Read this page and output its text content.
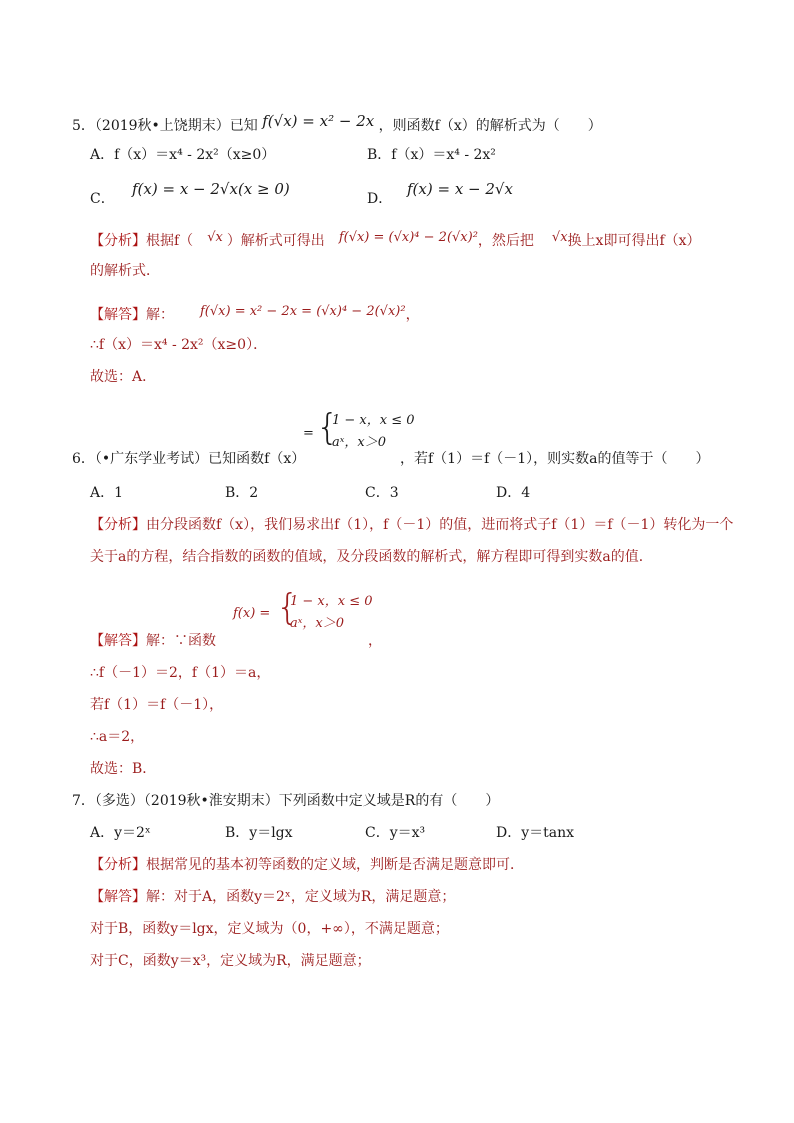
5．（2019秋•上饶期末）已知 f(√x) = x² − 2x ，则函数f（x）的解析式为（　　）
A．f（x）＝x⁴ - 2x²（x≥0）	B．f（x）＝x⁴ - 2x²
C．
f(x) = x − 2√x(x ≥ 0)
D．
f(x) = x − 2√x
【分析】根据f（ √x ）解析式可得出 f(√x) = (√x)⁴ − 2(√x)²，然后把 √x换上x即可得出f（x）
的解析式．
【解答】解： f(√x) = x² − 2x = (√x)⁴ − 2(√x)²，
∴f（x）＝x⁴ - 2x²（x≥0）．
故选：A．
= {
1 − x，x ≤ 0
aˣ，x＞0
6．（•广东学业考试）已知函数f（x）	，若f（1）＝f（－1），则实数a的值等于（　　）
A．1	B．2	C．3	D．4
【分析】由分段函数f（x），我们易求出f（1），f（－1）的值，进而将式子f（1）＝f（－1）转化为一个
关于a的方程，结合指数的函数的值域，及分段函数的解析式，解方程即可得到实数a的值．
f(x) = {
1 − x，x ≤ 0
aˣ，x＞0
【解答】解：∵函数	，
∴f（－1）＝2，f（1）＝a，
若f（1）＝f（－1），
∴a＝2，
故选：B．
7．（多选）（2019秋•淮安期末）下列函数中定义域是R的有（　　）
A．y＝2ˣ	B．y＝lgx	C．y＝x³	D．y＝tanx
【分析】根据常见的基本初等函数的定义域，判断是否满足题意即可．
【解答】解：对于A，函数y＝2ˣ，定义域为R，满足题意；
对于B，函数y＝lgx，定义域为（0，+∞），不满足题意；
对于C，函数y＝x³，定义域为R，满足题意；
